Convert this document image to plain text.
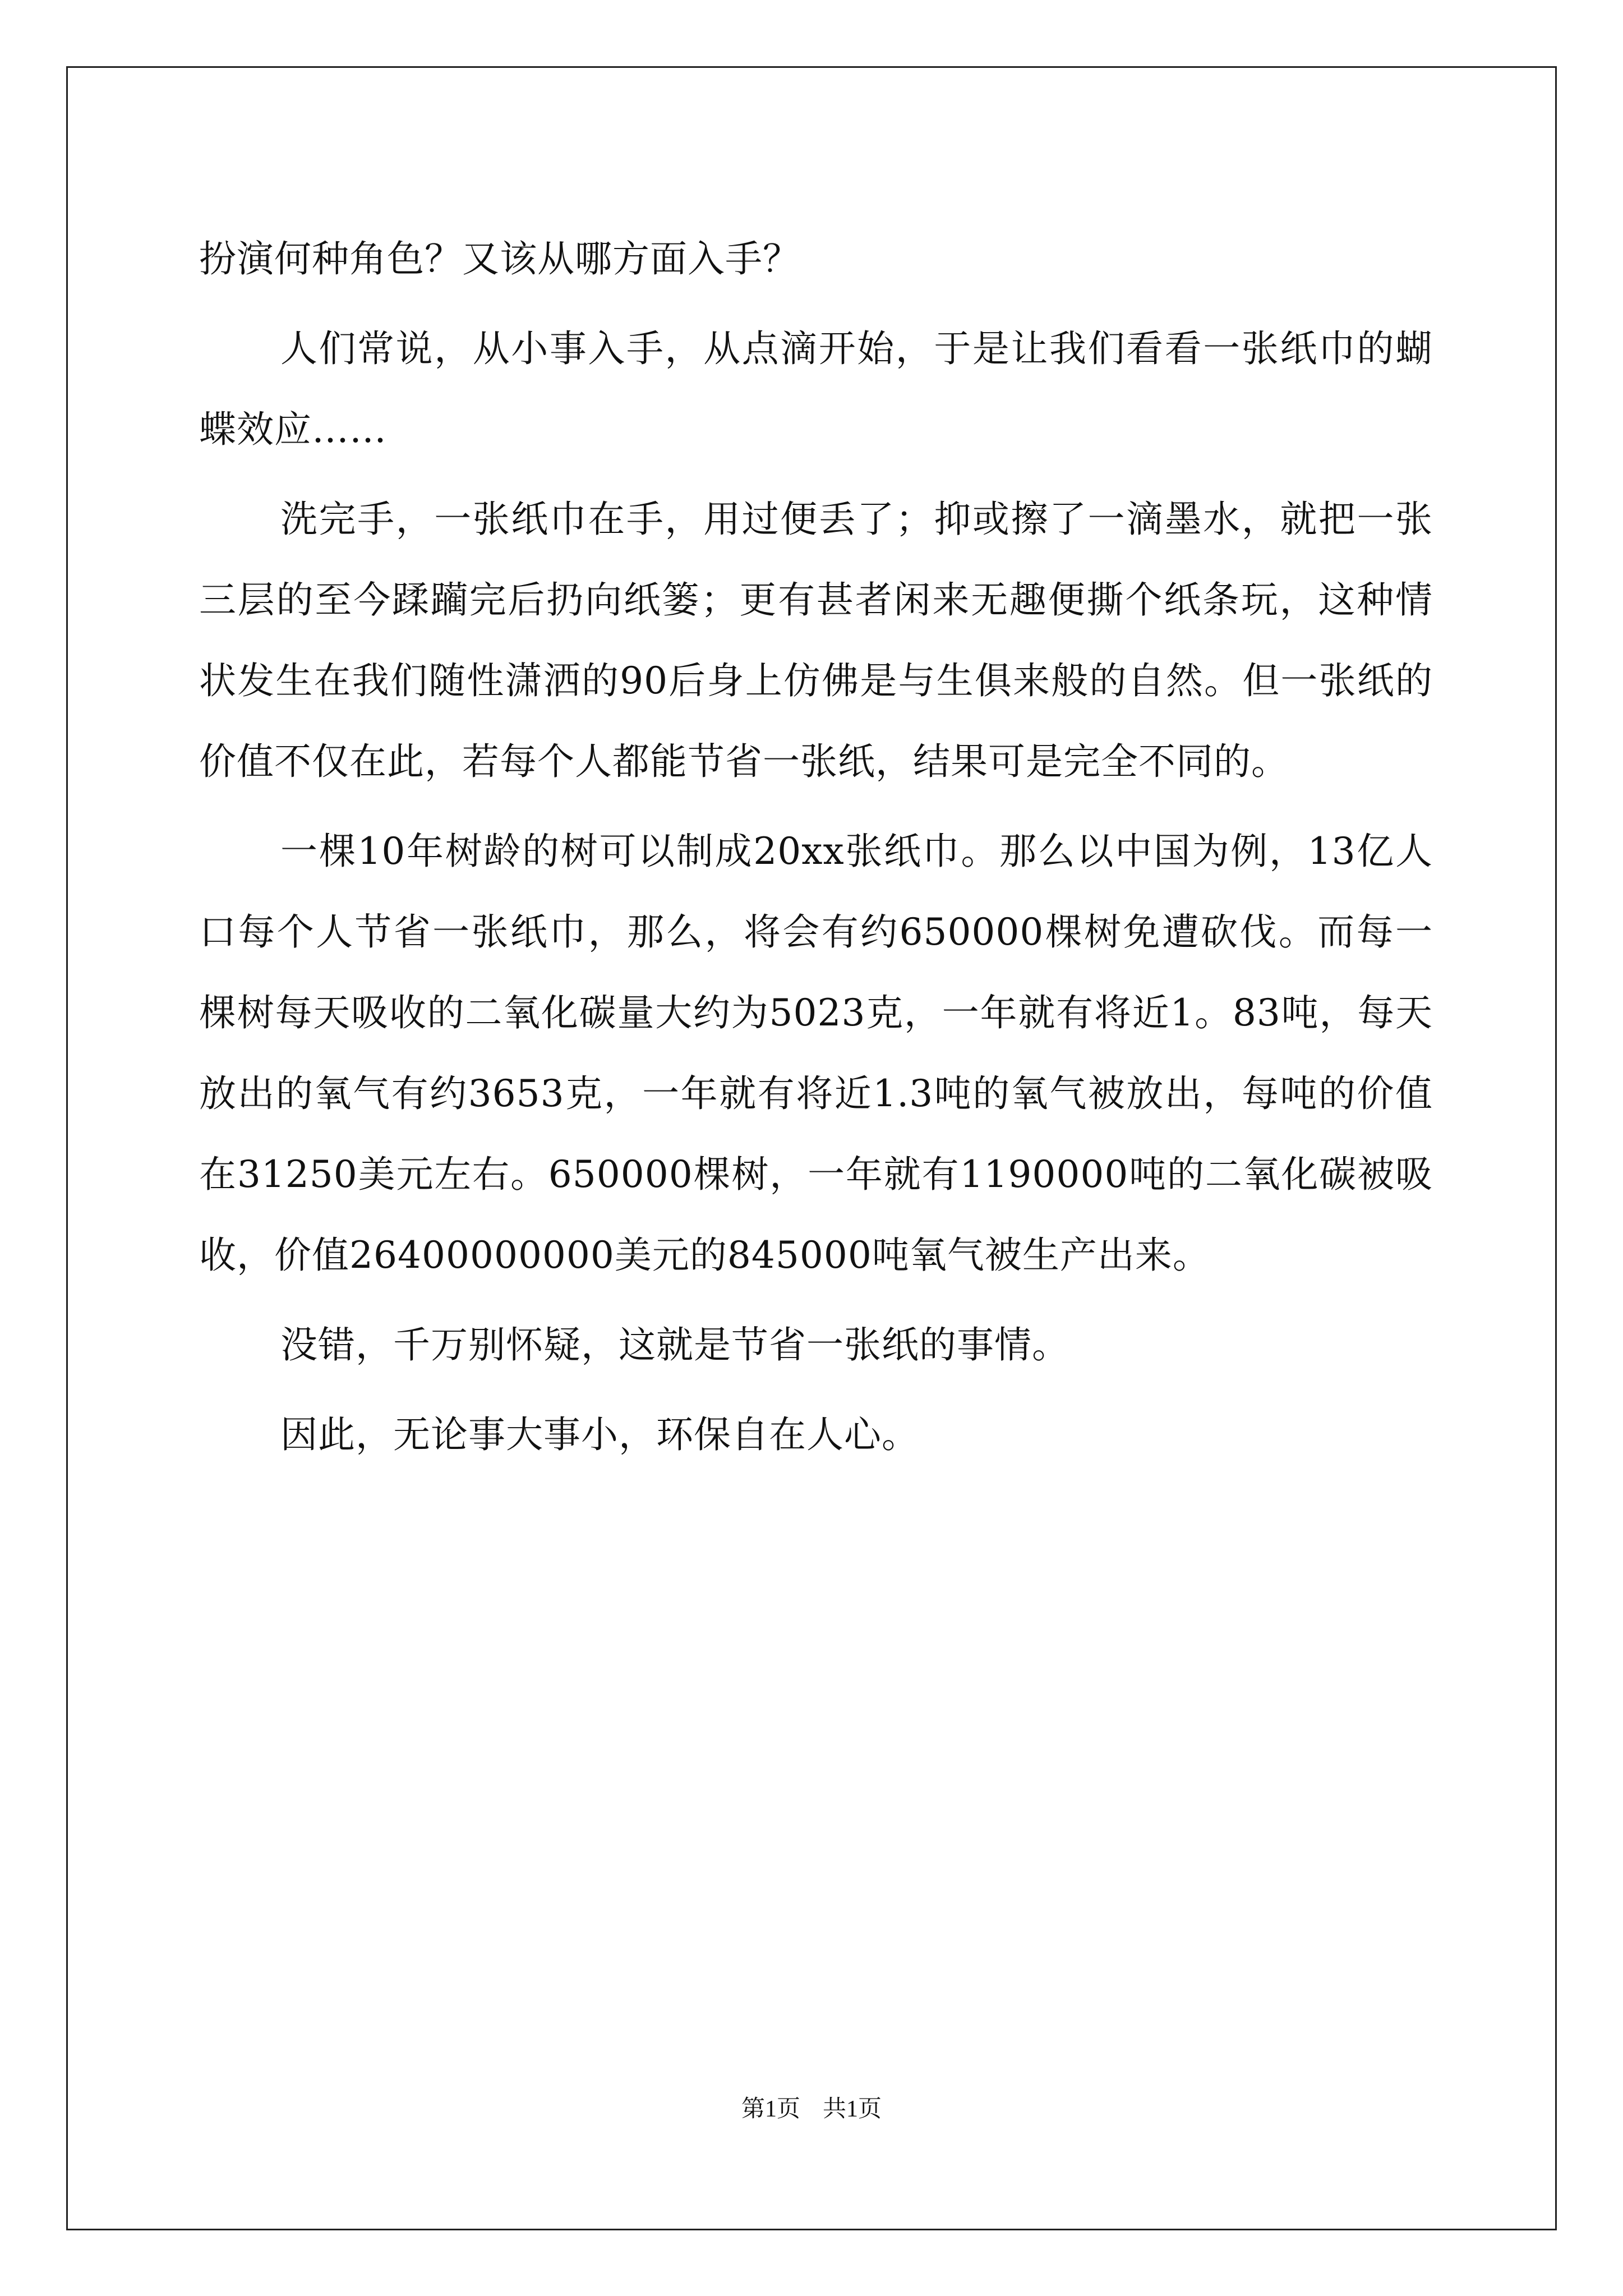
扮演何种角色？又该从哪方面入手？

人们常说，从小事入手，从点滴开始，于是让我们看看一张纸巾的蝴蝶效应……

洗完手，一张纸巾在手，用过便丢了；抑或擦了一滴墨水，就把一张三层的至今蹂躏完后扔向纸篓；更有甚者闲来无趣便撕个纸条玩，这种情状发生在我们随性潇洒的90后身上仿佛是与生俱来般的自然。但一张纸的价值不仅在此，若每个人都能节省一张纸，结果可是完全不同的。

一棵10年树龄的树可以制成20xx张纸巾。那么以中国为例，13亿人口每个人节省一张纸巾，那么，将会有约650000棵树免遭砍伐。而每一棵树每天吸收的二氧化碳量大约为5023克，一年就有将近1。83吨，每天放出的氧气有约3653克，一年就有将近1.3吨的氧气被放出，每吨的价值在31250美元左右。650000棵树，一年就有1190000吨的二氧化碳被吸收，价值26400000000美元的845000吨氧气被生产出来。

没错，千万别怀疑，这就是节省一张纸的事情。

因此，无论事大事小，环保自在人心。

第1页 共1页
